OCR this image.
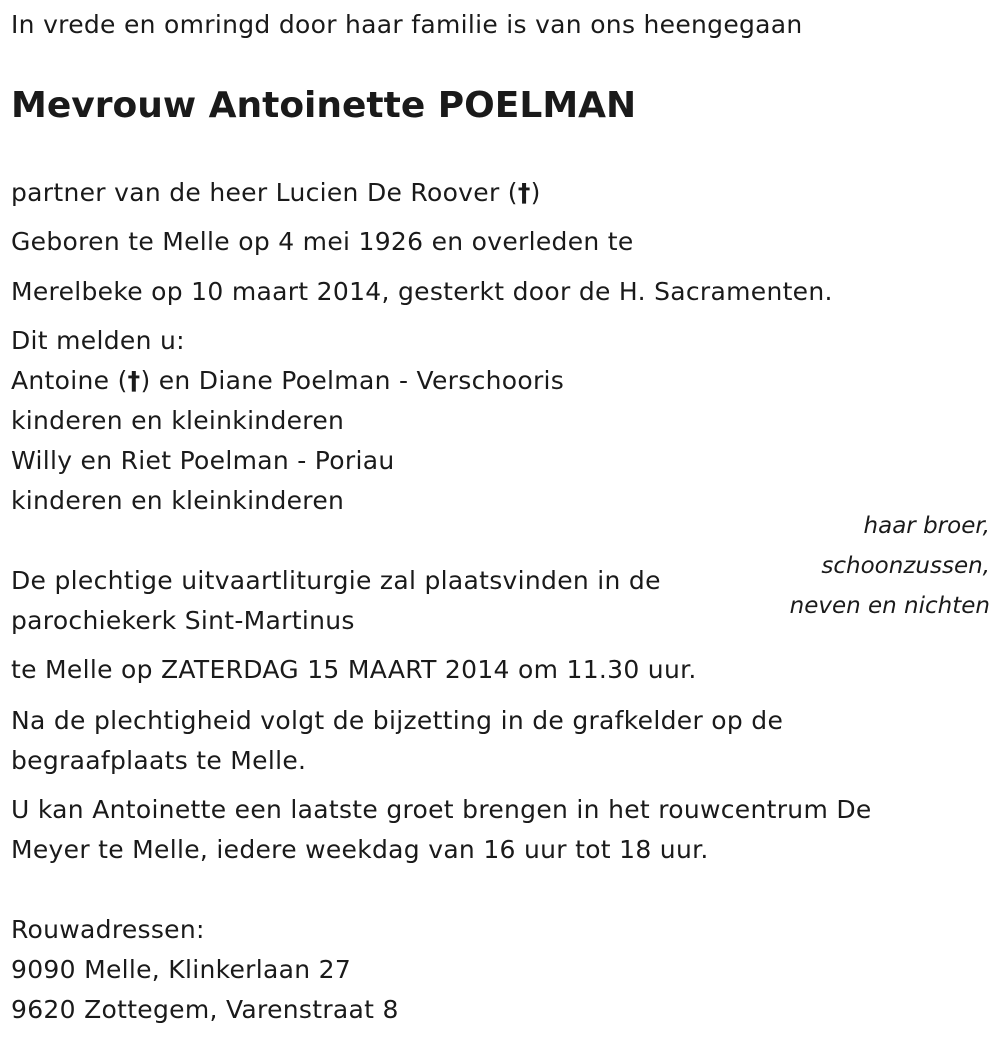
In vrede en omringd door haar familie is van ons heengegaan
Mevrouw Antoinette POELMAN
partner van de heer Lucien De Roover (†)
Geboren te Melle op 4 mei 1926 en overleden te
Merelbeke op 10 maart 2014, gesterkt door de H. Sacramenten.
Dit melden u:
Antoine (†) en Diane Poelman - Verschooris
kinderen en kleinkinderen
Willy en Riet Poelman - Poriau
kinderen en kleinkinderen
haar broer,
schoonzussen,
neven en nichten
De plechtige uitvaartliturgie zal plaatsvinden in de
parochiekerk Sint-Martinus
te Melle op ZATERDAG 15 MAART 2014 om 11.30 uur.
Na de plechtigheid volgt de bijzetting in de grafkelder op de
begraafplaats te Melle.
U kan Antoinette een laatste groet brengen in het rouwcentrum De
Meyer te Melle, iedere weekdag van 16 uur tot 18 uur.
Rouwadressen:
9090 Melle, Klinkerlaan 27
9620 Zottegem, Varenstraat 8
